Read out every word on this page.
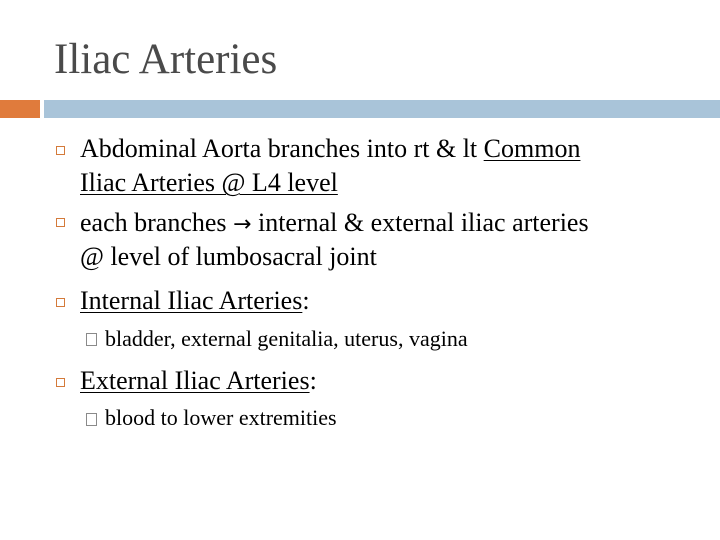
Iliac Arteries
Abdominal Aorta branches into rt & lt Common
Iliac Arteries @ L4 level
each branches → internal & external iliac arteries
@ level of lumbosacral joint
Internal Iliac Arteries:
bladder, external genitalia, uterus, vagina
External Iliac Arteries:
blood to lower extremities
